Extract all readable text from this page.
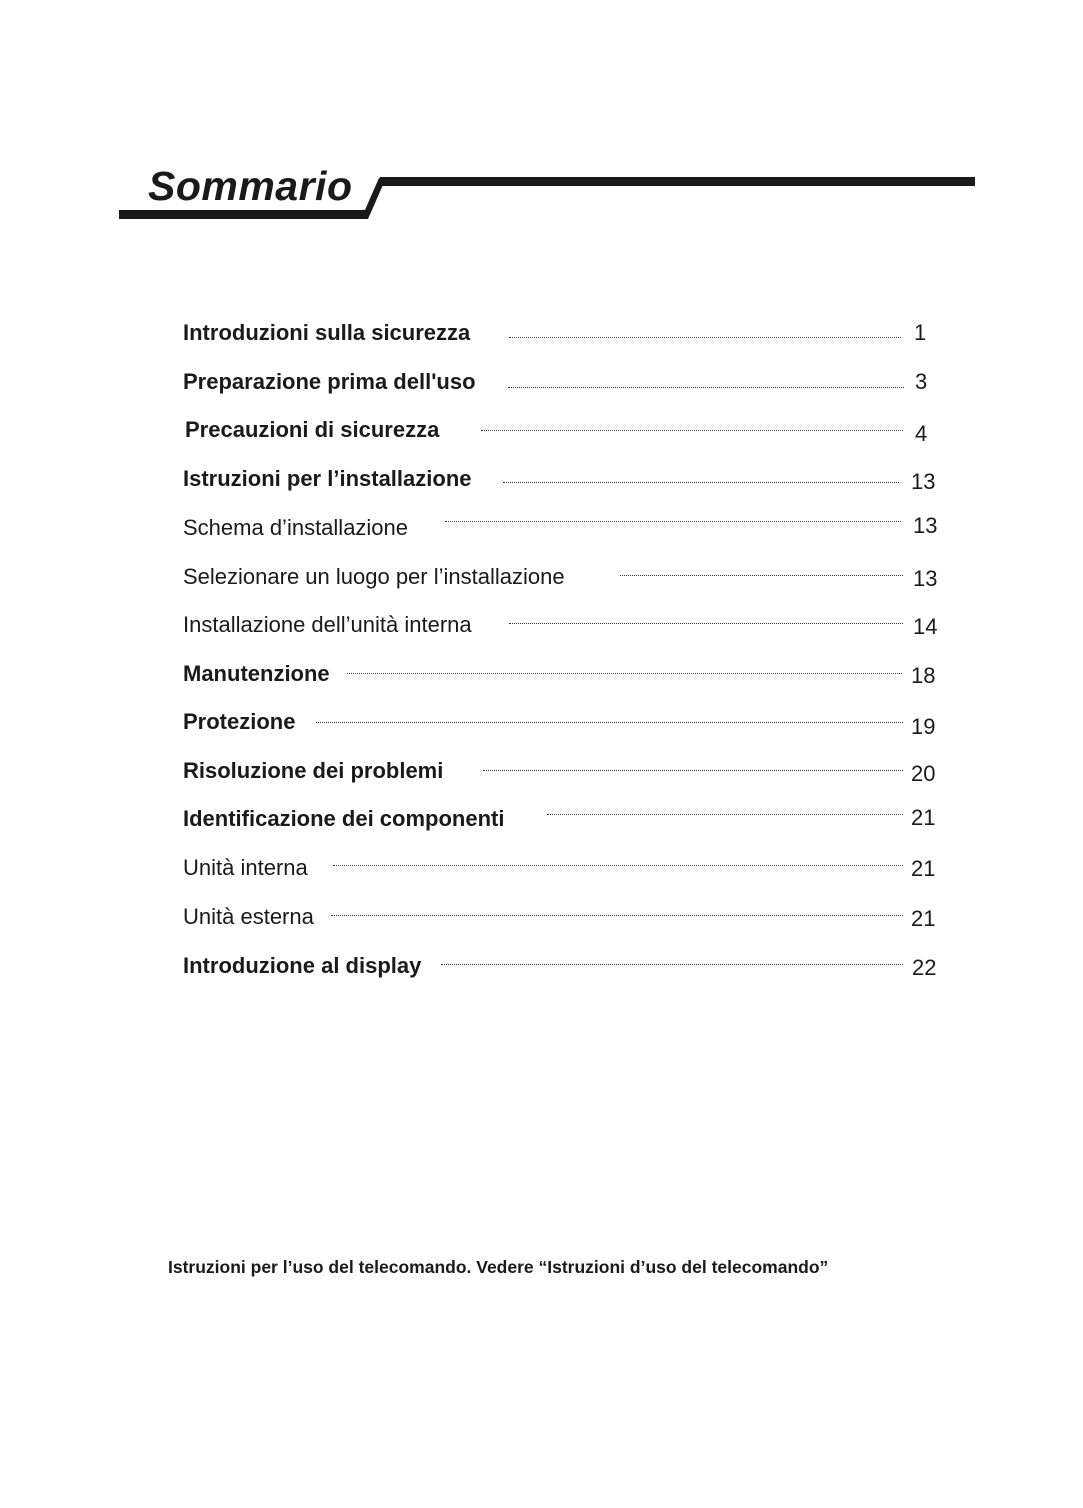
Sommario
Introduzioni sulla sicurezza	1
Preparazione prima dell'uso	3
Precauzioni di sicurezza	4
Istruzioni per l’installazione	13
Schema d’installazione	13
Selezionare un luogo per l’installazione	13
Installazione dell’unità interna	14
Manutenzione	18
Protezione	19
Risoluzione dei problemi	20
Identificazione dei componenti	21
Unità interna	21
Unità esterna	21
Introduzione al display	22
Istruzioni per l’uso del telecomando. Vedere “Istruzioni d’uso del telecomando”
